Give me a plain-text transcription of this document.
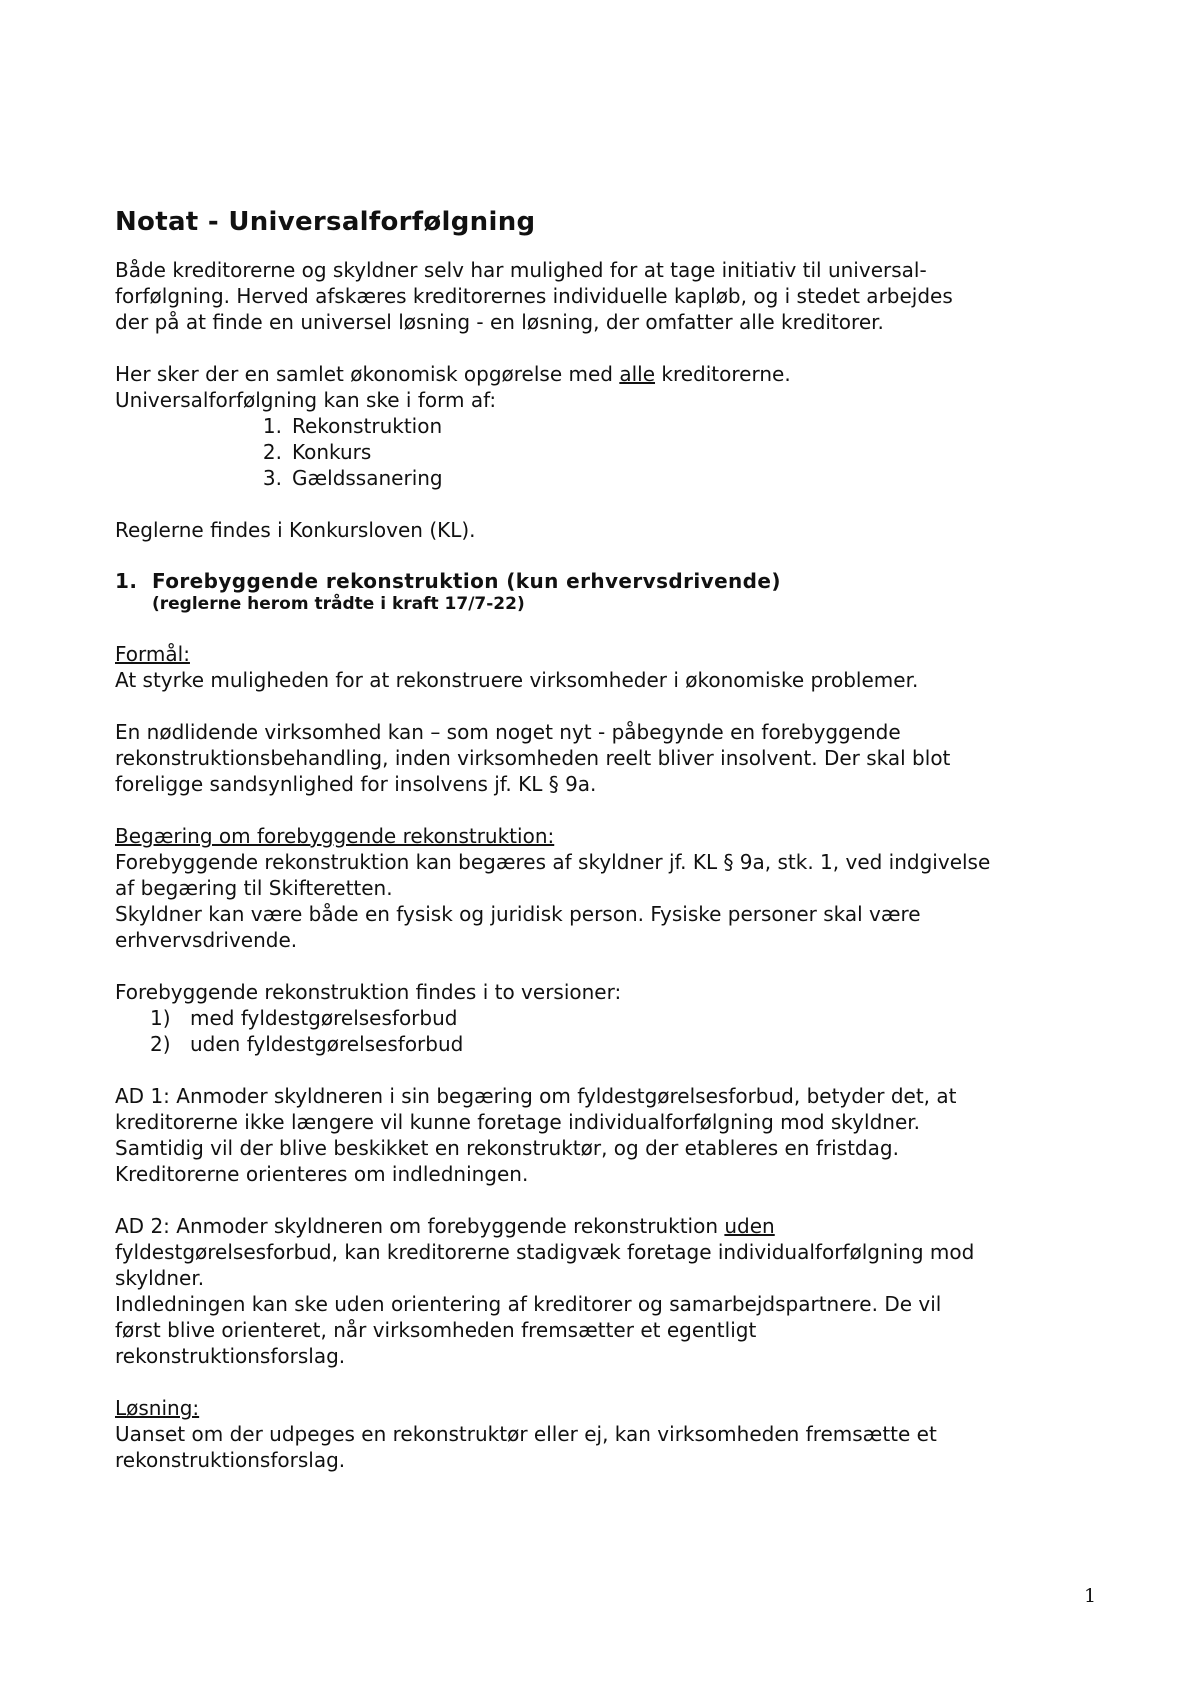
Notat - Universalforfølgning

Både kreditorerne og skyldner selv har mulighed for at tage initiativ til universal-

forfølgning. Herved afskæres kreditorernes individuelle kapløb, og i stedet arbejdes

der på at finde en universel løsning - en løsning, der omfatter alle kreditorer.

Her sker der en samlet økonomisk opgørelse med alle kreditorerne.

Universalforfølgning kan ske i form af:

1. Rekonstruktion
2. Konkurs
3. Gældssanering

Reglerne findes i Konkursloven (KL).

1. Forebyggende rekonstruktion (kun erhvervsdrivende)
(reglerne herom trådte i kraft 17/7-22)

Formål:

At styrke muligheden for at rekonstruere virksomheder i økonomiske problemer.

En nødlidende virksomhed kan – som noget nyt - påbegynde en forebyggende

rekonstruktionsbehandling, inden virksomheden reelt bliver insolvent. Der skal blot

foreligge sandsynlighed for insolvens jf. KL § 9a.

Begæring om forebyggende rekonstruktion:

Forebyggende rekonstruktion kan begæres af skyldner jf. KL § 9a, stk. 1, ved indgivelse

af begæring til Skifteretten.

Skyldner kan være både en fysisk og juridisk person. Fysiske personer skal være

erhvervsdrivende.

Forebyggende rekonstruktion findes i to versioner:

1) med fyldestgørelsesforbud
2) uden fyldestgørelsesforbud

AD 1: Anmoder skyldneren i sin begæring om fyldestgørelsesforbud, betyder det, at

kreditorerne ikke længere vil kunne foretage individualforfølgning mod skyldner.

Samtidig vil der blive beskikket en rekonstruktør, og der etableres en fristdag.

Kreditorerne orienteres om indledningen.

AD 2: Anmoder skyldneren om forebyggende rekonstruktion uden

fyldestgørelsesforbud, kan kreditorerne stadigvæk foretage individualforfølgning mod

skyldner.

Indledningen kan ske uden orientering af kreditorer og samarbejdspartnere. De vil

først blive orienteret, når virksomheden fremsætter et egentligt

rekonstruktionsforslag.

Løsning:

Uanset om der udpeges en rekonstruktør eller ej, kan virksomheden fremsætte et

rekonstruktionsforslag.

1
